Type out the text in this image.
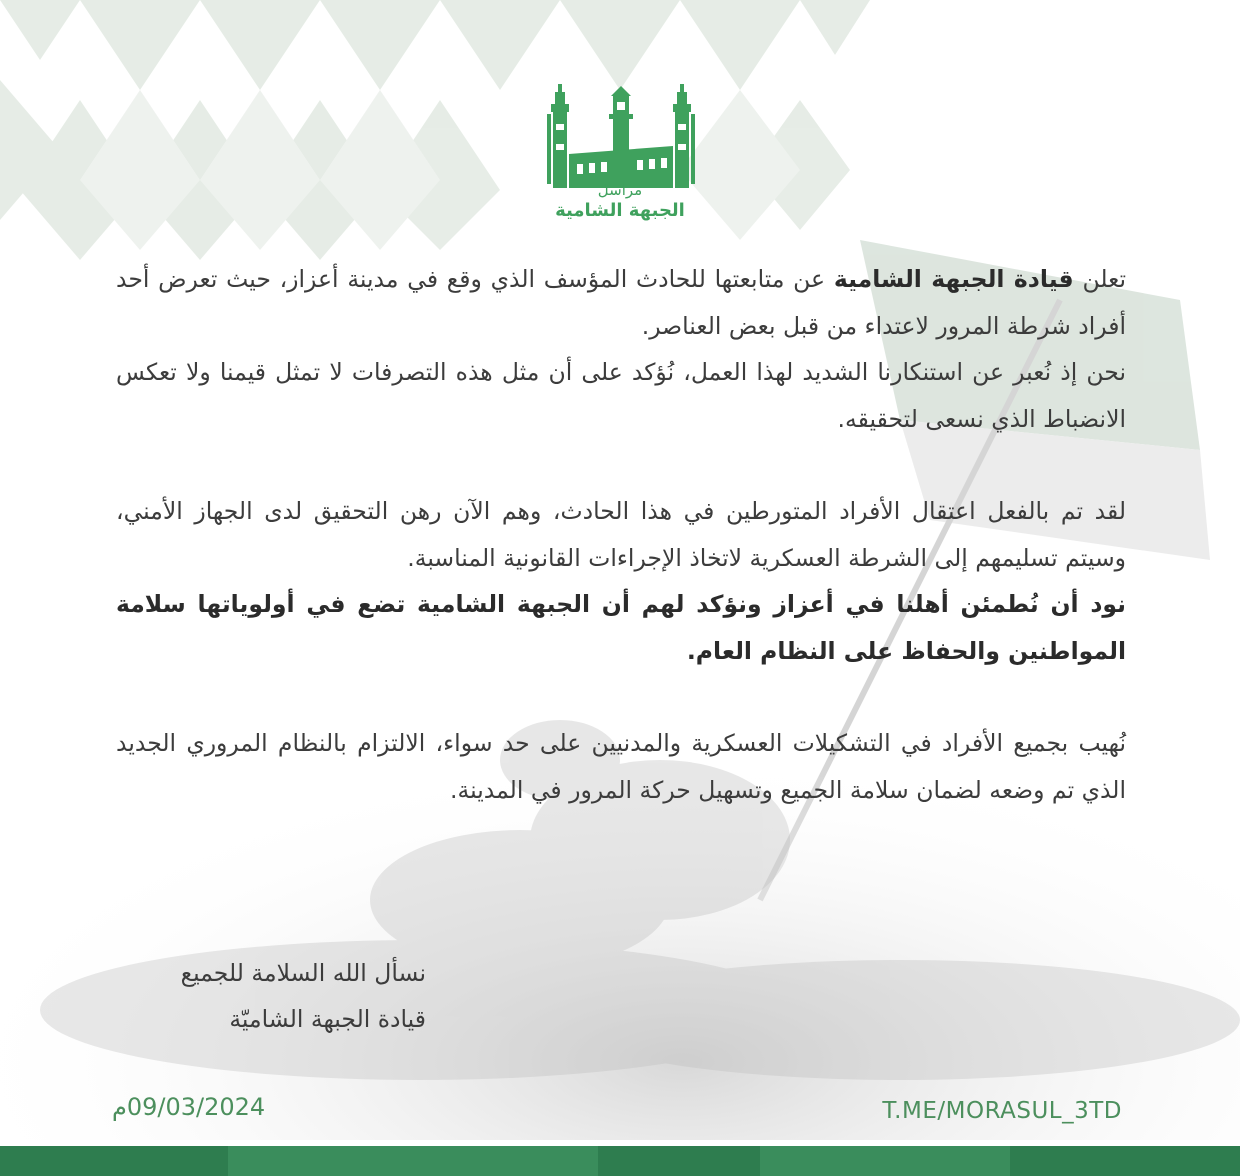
مراسل
الجبهة الشامية

تعلن قيادة الجبهة الشامية عن متابعتها للحادث المؤسف الذي وقع في مدينة أعزاز، حيث تعرض أحد أفراد شرطة المرور لاعتداء من قبل بعض العناصر.

نحن إذ نُعبر عن استنكارنا الشديد لهذا العمل، نُؤكد على أن مثل هذه التصرفات لا تمثل قيمنا ولا تعكس الانضباط الذي نسعى لتحقيقه.

لقد تم بالفعل اعتقال الأفراد المتورطين في هذا الحادث، وهم الآن رهن التحقيق لدى الجهاز الأمني، وسيتم تسليمهم إلى الشرطة العسكرية لاتخاذ الإجراءات القانونية المناسبة.

نود أن نُطمئن أهلنا في أعزاز ونؤكد لهم أن الجبهة الشامية تضع في أولوياتها سلامة المواطنين والحفاظ على النظام العام.

نُهيب بجميع الأفراد في التشكيلات العسكرية والمدنيين على حد سواء، الالتزام بالنظام المروري الجديد الذي تم وضعه لضمان سلامة الجميع وتسهيل حركة المرور في المدينة.

نسأل الله السلامة للجميع

قيادة الجبهة الشاميّة

09/03/2024م	T.ME/MORASUL_3TD
